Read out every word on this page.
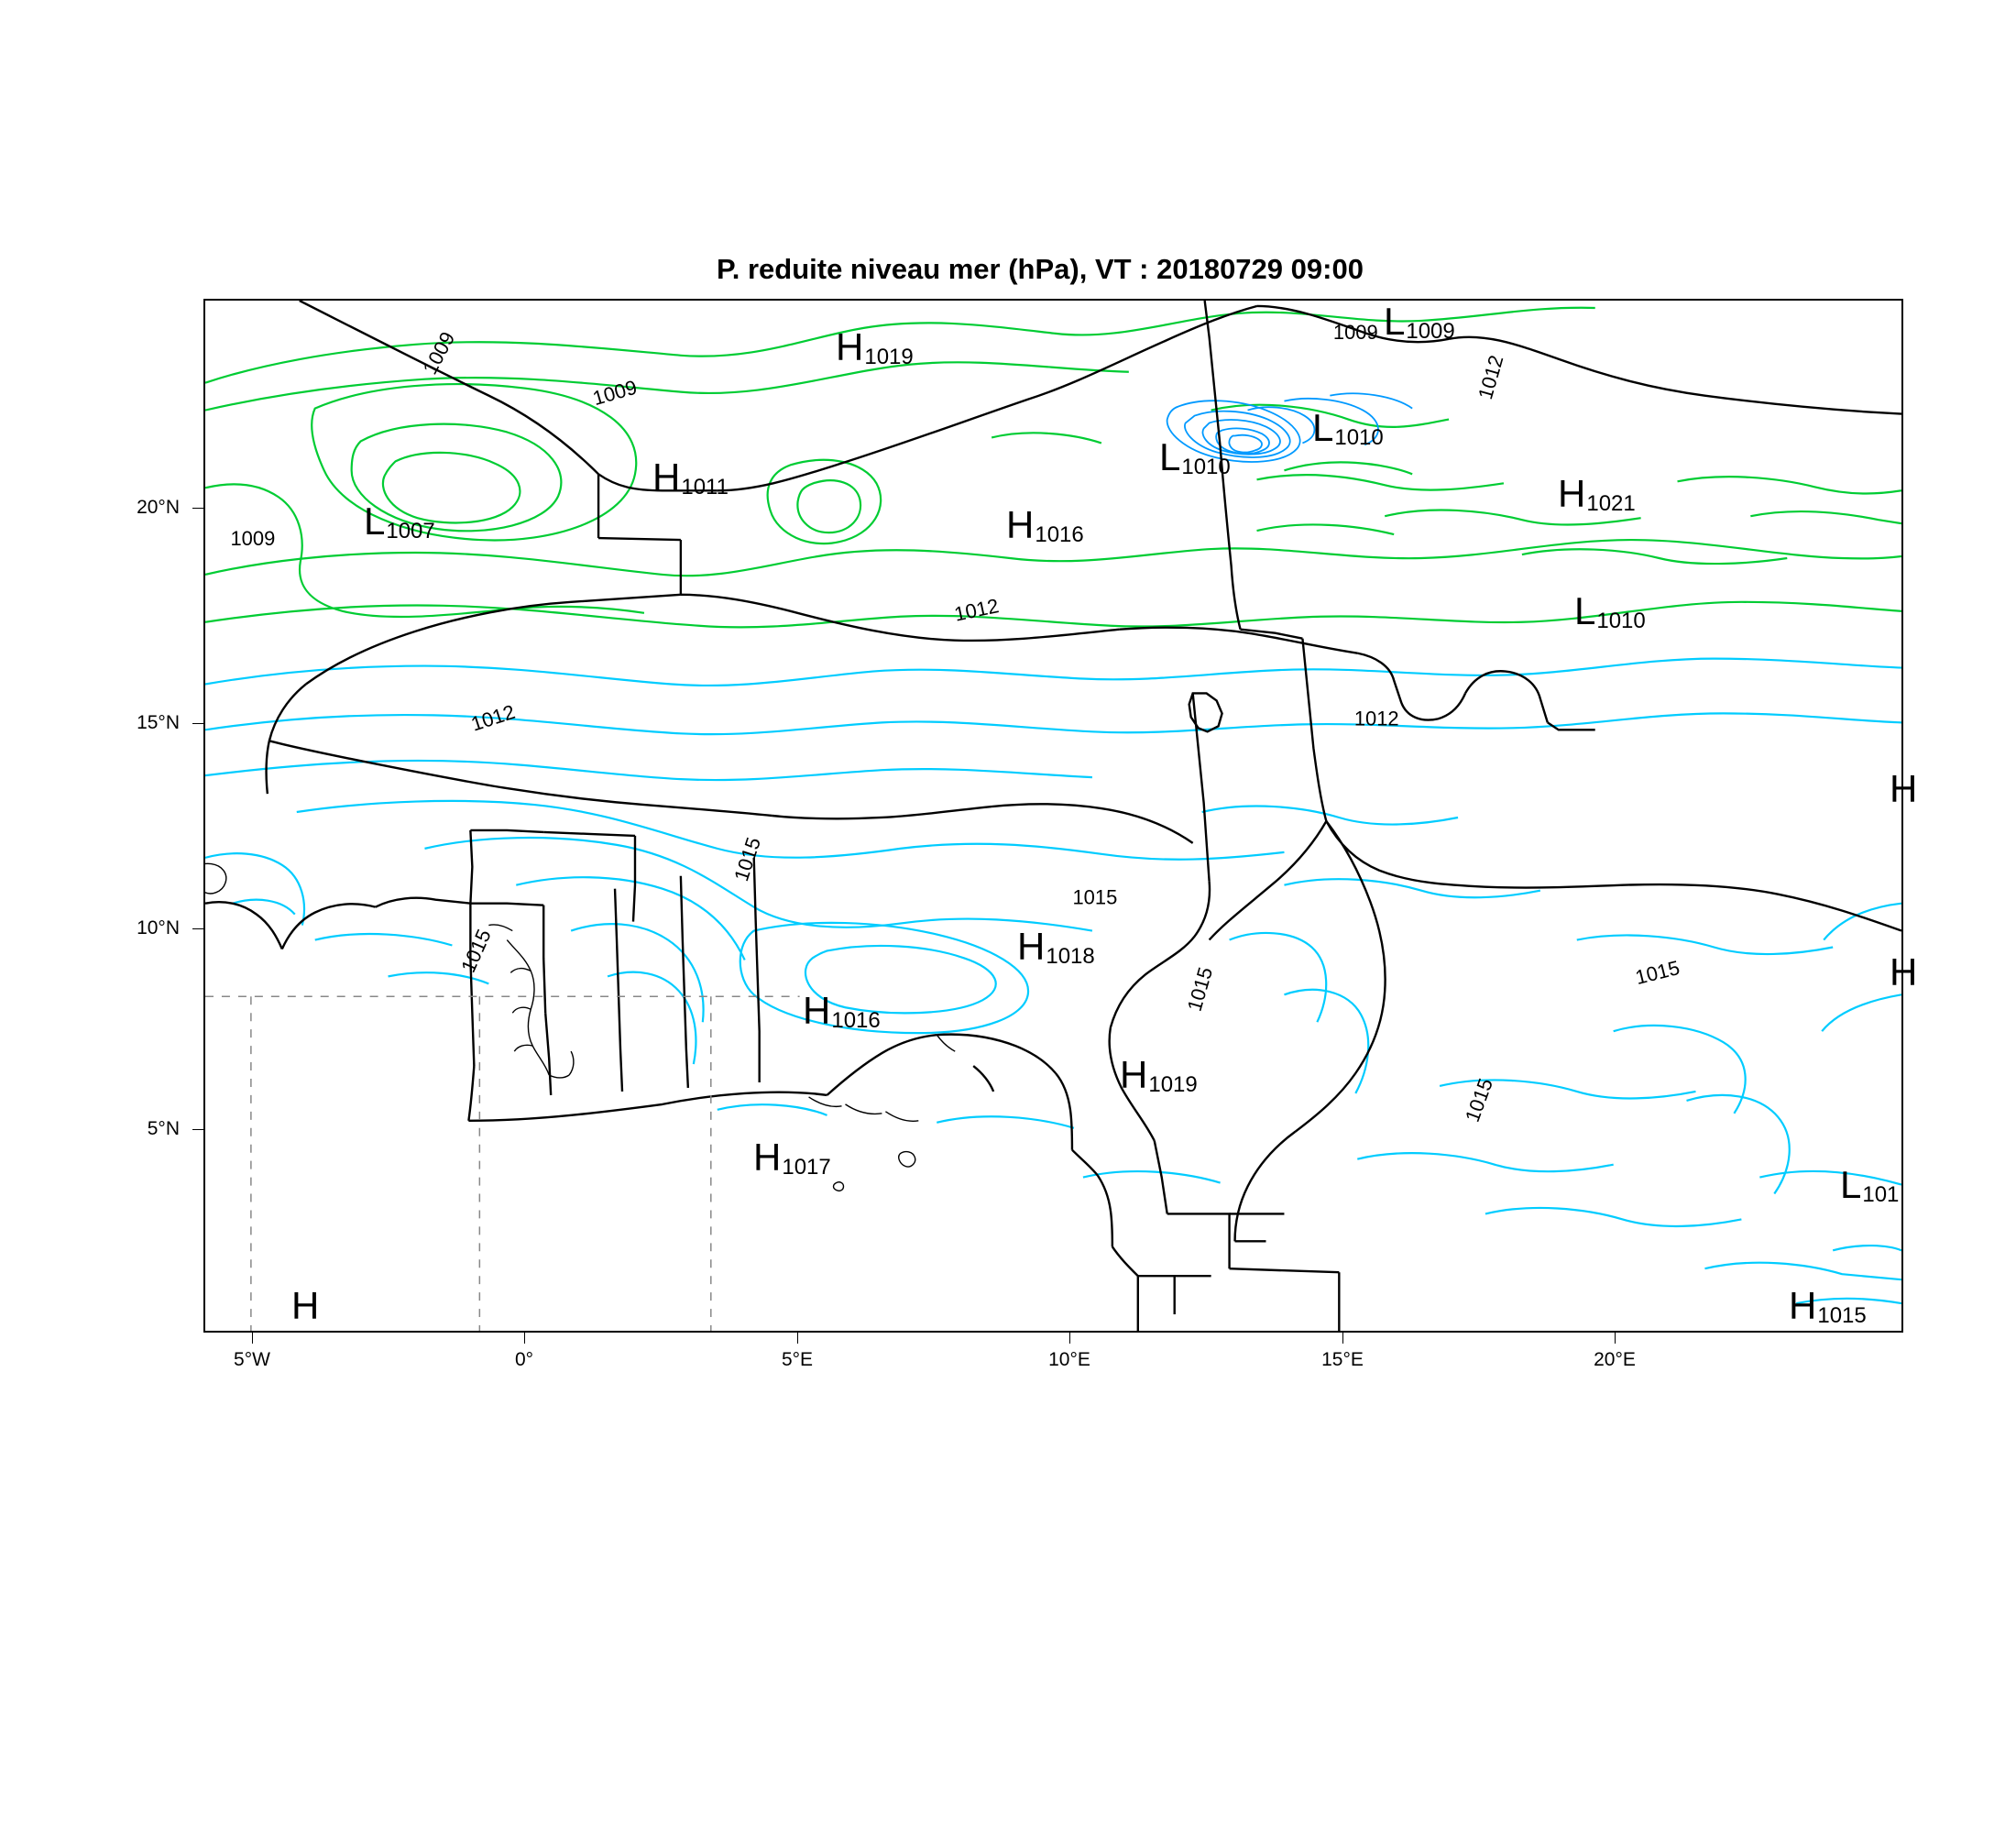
P. reduite niveau mer (hPa), VT : 20180729 09:00
1009
1009
1009
1009
1012
1012
1012
1012
1015
1015
1015
1015	1015
1015
L1007
H1011
H1019
H1016
L1010
L1010
L1009
H1021
L1010
H1018
H1016
H1019
H1017
H
H
L101
H1015
H
5°W	0°	5°E	10°E	15°E	20°E
5°N
10°N
15°N
20°N
